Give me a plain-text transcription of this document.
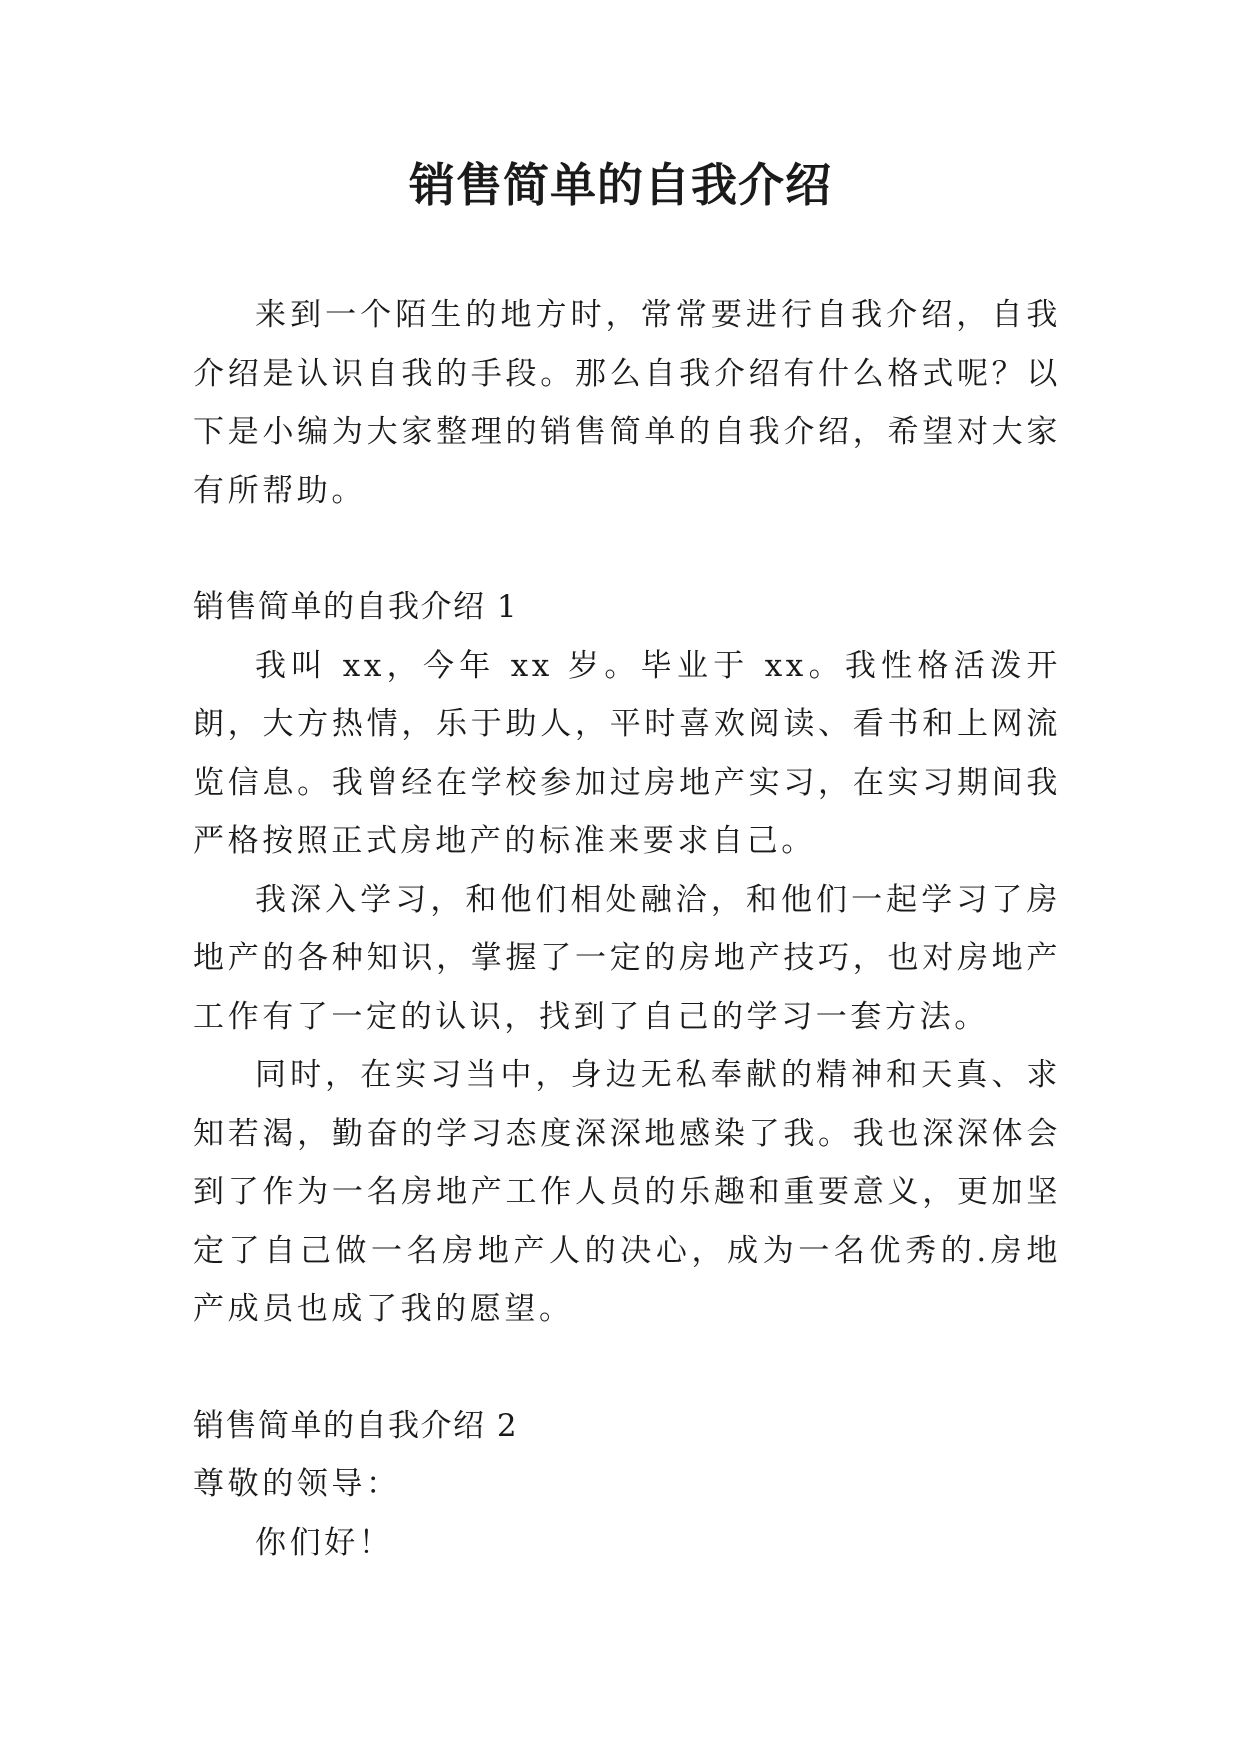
销售简单的自我介绍

来到一个陌生的地方时，常常要进行自我介绍，自我介绍是认识自我的手段。那么自我介绍有什么格式呢？以下是小编为大家整理的销售简单的自我介绍，希望对大家有所帮助。

销售简单的自我介绍 1

我叫 xx，今年 xx 岁。毕业于 xx。我性格活泼开朗，大方热情，乐于助人，平时喜欢阅读、看书和上网流览信息。我曾经在学校参加过房地产实习，在实习期间我严格按照正式房地产的标准来要求自己。

我深入学习，和他们相处融洽，和他们一起学习了房地产的各种知识，掌握了一定的房地产技巧，也对房地产工作有了一定的认识，找到了自己的学习一套方法。

同时，在实习当中，身边无私奉献的精神和天真、求知若渴，勤奋的学习态度深深地感染了我。我也深深体会到了作为一名房地产工作人员的乐趣和重要意义，更加坚定了自己做一名房地产人的决心，成为一名优秀的.房地产成员也成了我的愿望。

销售简单的自我介绍 2

尊敬的领导：

你们好！
